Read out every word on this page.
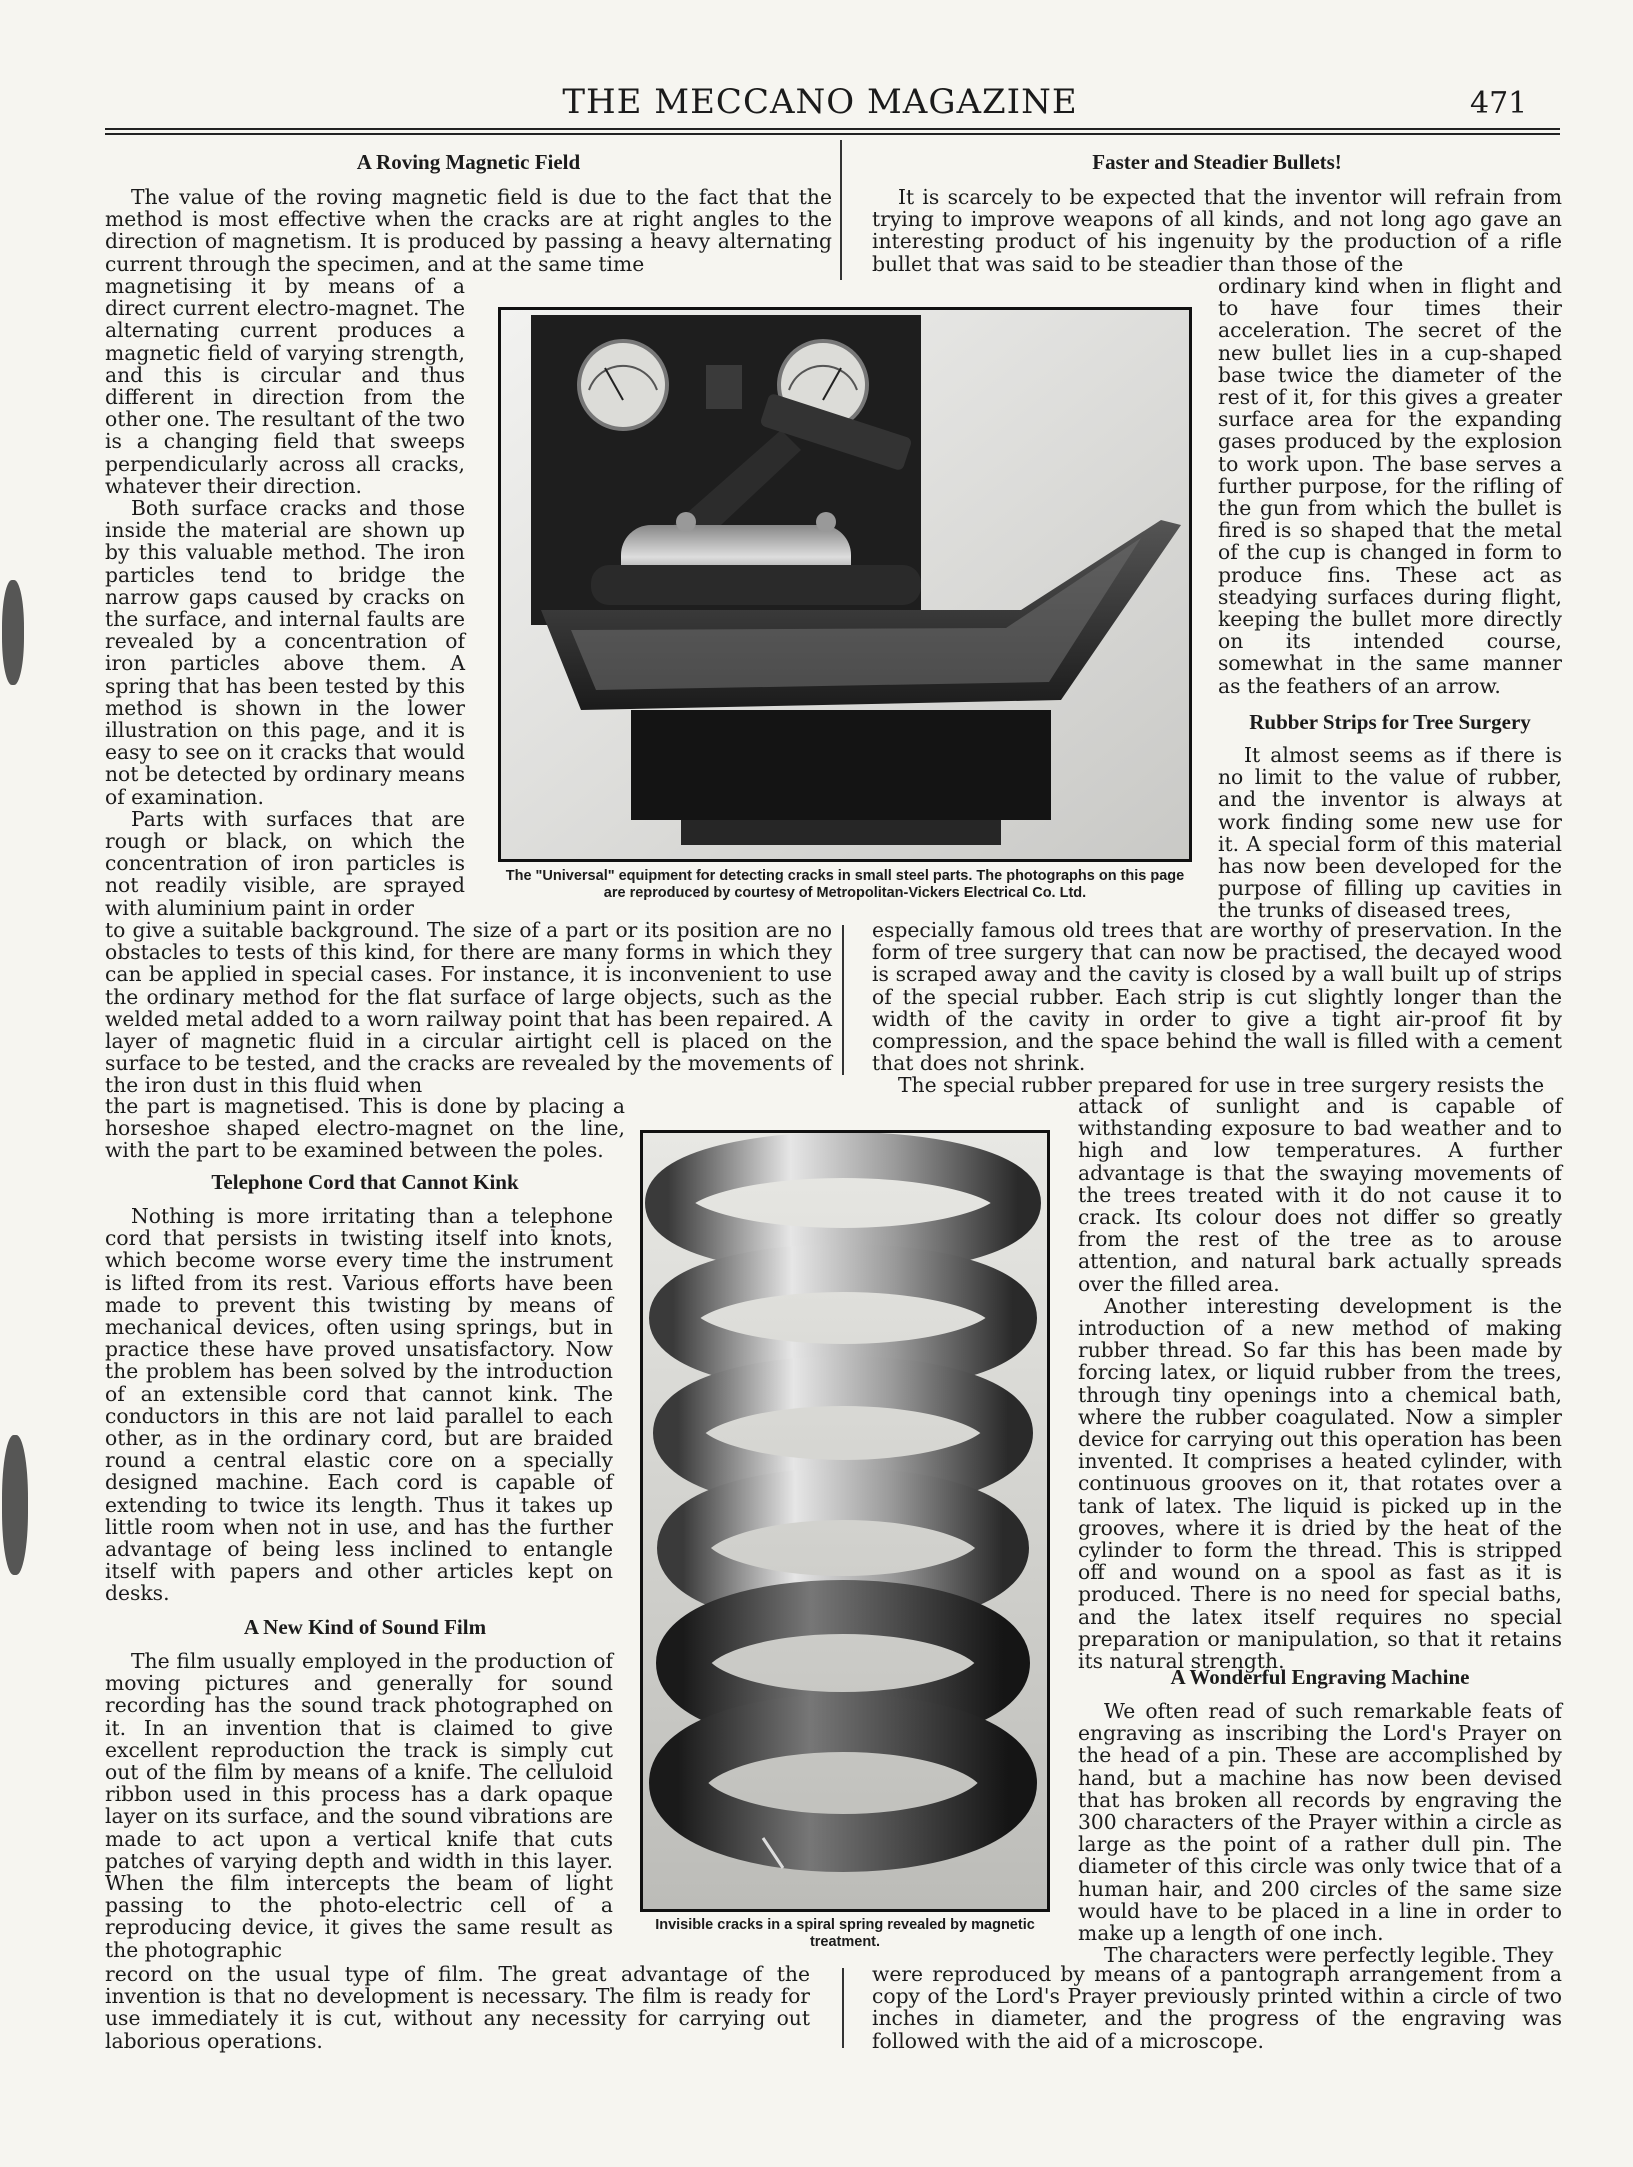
THE MECCANO MAGAZINE	471
A Roving Magnetic Field

The value of the roving magnetic field is due to the fact that the method is most effective when the cracks are at right angles to the direction of magnetism. It is produced by passing a heavy alternating current through the specimen, and at the same time

magnetising it by means of a direct current electro-magnet. The alternating current produces a magnetic field of varying strength, and this is circular and thus different in direction from the other one. The resultant of the two is a changing field that sweeps perpendicularly across all cracks, whatever their direction.

Both surface cracks and those inside the material are shown up by this valuable method. The iron particles tend to bridge the narrow gaps caused by cracks on the surface, and internal faults are revealed by a concentration of iron particles above them. A spring that has been tested by this method is shown in the lower illustration on this page, and it is easy to see on it cracks that would not be detected by ordinary means of examination.

Parts with surfaces that are rough or black, on which the concentration of iron particles is not readily visible, are sprayed with aluminium paint in order

to give a suitable background. The size of a part or its position are no obstacles to tests of this kind, for there are many forms in which they can be applied in special cases. For instance, it is inconvenient to use the ordinary method for the flat surface of large objects, such as the welded metal added to a worn railway point that has been repaired. A layer of magnetic fluid in a circular airtight cell is placed on the surface to be tested, and the cracks are revealed by the movements of the iron dust in this fluid when

the part is magnetised. This is done by placing a horseshoe shaped electro-magnet on the line, with the part to be examined between the poles.

Telephone Cord that Cannot Kink

Nothing is more irritating than a telephone cord that persists in twisting itself into knots, which become worse every time the instrument is lifted from its rest. Various efforts have been made to prevent this twisting by means of mechanical devices, often using springs, but in practice these have proved unsatisfactory. Now the problem has been solved by the introduction of an extensible cord that cannot kink. The conductors in this are not laid parallel to each other, as in the ordinary cord, but are braided round a central elastic core on a specially designed machine. Each cord is capable of extending to twice its length. Thus it takes up little room when not in use, and has the further advantage of being less inclined to entangle itself with papers and other articles kept on desks.

A New Kind of Sound Film

The film usually employed in the production of moving pictures and generally for sound recording has the sound track photographed on it. In an invention that is claimed to give excellent reproduction the track is simply cut out of the film by means of a knife. The celluloid ribbon used in this process has a dark opaque layer on its surface, and the sound vibrations are made to act upon a vertical knife that cuts patches of varying depth and width in this layer. When the film intercepts the beam of light passing to the photo-electric cell of a reproducing device, it gives the same result as the photographic

record on the usual type of film. The great advantage of the invention is that no development is necessary. The film is ready for use immediately it is cut, without any necessity for carrying out laborious operations.

Faster and Steadier Bullets!

It is scarcely to be expected that the inventor will refrain from trying to improve weapons of all kinds, and not long ago gave an interesting product of his ingenuity by the production of a rifle bullet that was said to be steadier than those of the

ordinary kind when in flight and to have four times their acceleration. The secret of the new bullet lies in a cup-shaped base twice the diameter of the rest of it, for this gives a greater surface area for the expanding gases produced by the explosion to work upon. The base serves a further purpose, for the rifling of the gun from which the bullet is fired is so shaped that the metal of the cup is changed in form to produce fins. These act as steadying surfaces during flight, keeping the bullet more directly on its intended course, somewhat in the same manner as the feathers of an arrow.

Rubber Strips for Tree Surgery

It almost seems as if there is no limit to the value of rubber, and the inventor is always at work finding some new use for it. A special form of this material has now been developed for the purpose of filling up cavities in the trunks of diseased trees,

especially famous old trees that are worthy of preservation. In the form of tree surgery that can now be practised, the decayed wood is scraped away and the cavity is closed by a wall built up of strips of the special rubber. Each strip is cut slightly longer than the width of the cavity in order to give a tight air-proof fit by compression, and the space behind the wall is filled with a cement that does not shrink.

The special rubber prepared for use in tree surgery resists the

attack of sunlight and is capable of withstanding exposure to bad weather and to high and low temperatures. A further advantage is that the swaying movements of the trees treated with it do not cause it to crack. Its colour does not differ so greatly from the rest of the tree as to arouse attention, and natural bark actually spreads over the filled area.

Another interesting development is the introduction of a new method of making rubber thread. So far this has been made by forcing latex, or liquid rubber from the trees, through tiny openings into a chemical bath, where the rubber coagulated. Now a simpler device for carrying out this operation has been invented. It comprises a heated cylinder, with continuous grooves on it, that rotates over a tank of latex. The liquid is picked up in the grooves, where it is dried by the heat of the cylinder to form the thread. This is stripped off and wound on a spool as fast as it is produced. There is no need for special baths, and the latex itself requires no special preparation or manipulation, so that it retains its natural strength.

A Wonderful Engraving Machine

We often read of such remarkable feats of engraving as inscribing the Lord's Prayer on the head of a pin. These are accomplished by hand, but a machine has now been devised that has broken all records by engraving the 300 characters of the Prayer within a circle as large as the point of a rather dull pin. The diameter of this circle was only twice that of a human hair, and 200 circles of the same size would have to be placed in a line in order to make up a length of one inch.

The characters were perfectly legible. They

were reproduced by means of a pantograph arrangement from a copy of the Lord's Prayer previously printed within a circle of two inches in diameter, and the progress of the engraving was followed with the aid of a microscope.

The "Universal" equipment for detecting cracks in small steel parts. The photographs on this page are reproduced by courtesy of Metropolitan-Vickers Electrical Co. Ltd.
Invisible cracks in a spiral spring revealed by magnetic treatment.
